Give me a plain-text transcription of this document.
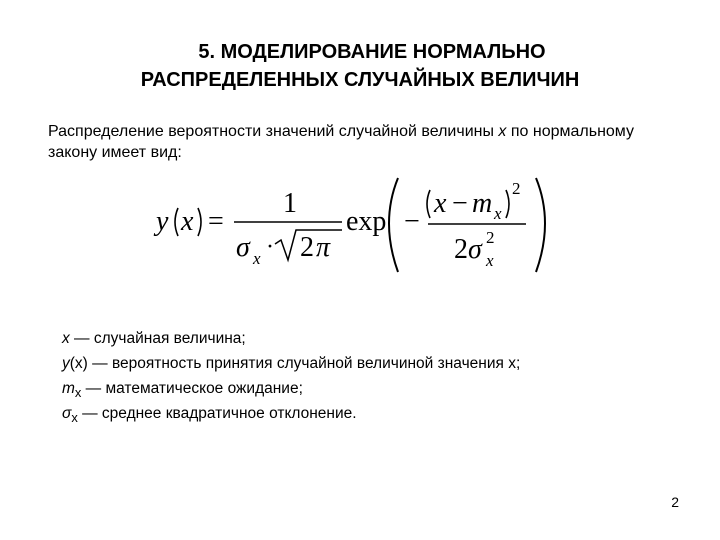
5. МОДЕЛИРОВАНИЕ НОРМАЛЬНО
РАСПРЕДЕЛЕННЫХ СЛУЧАЙНЫХ ВЕЛИЧИН
Распределение вероятности значений случайной величины x по нормальному закону имеет вид:
y x =
1
σ x · 2 π
exp −
x − m x
2
2 σ 2
x
x — случайная величина;
y(x) — вероятность принятия случайной величиной значения x;
$m_x$ — математическое ожидание;
$\sigma_x$ — среднее квадратичное отклонение.
2
